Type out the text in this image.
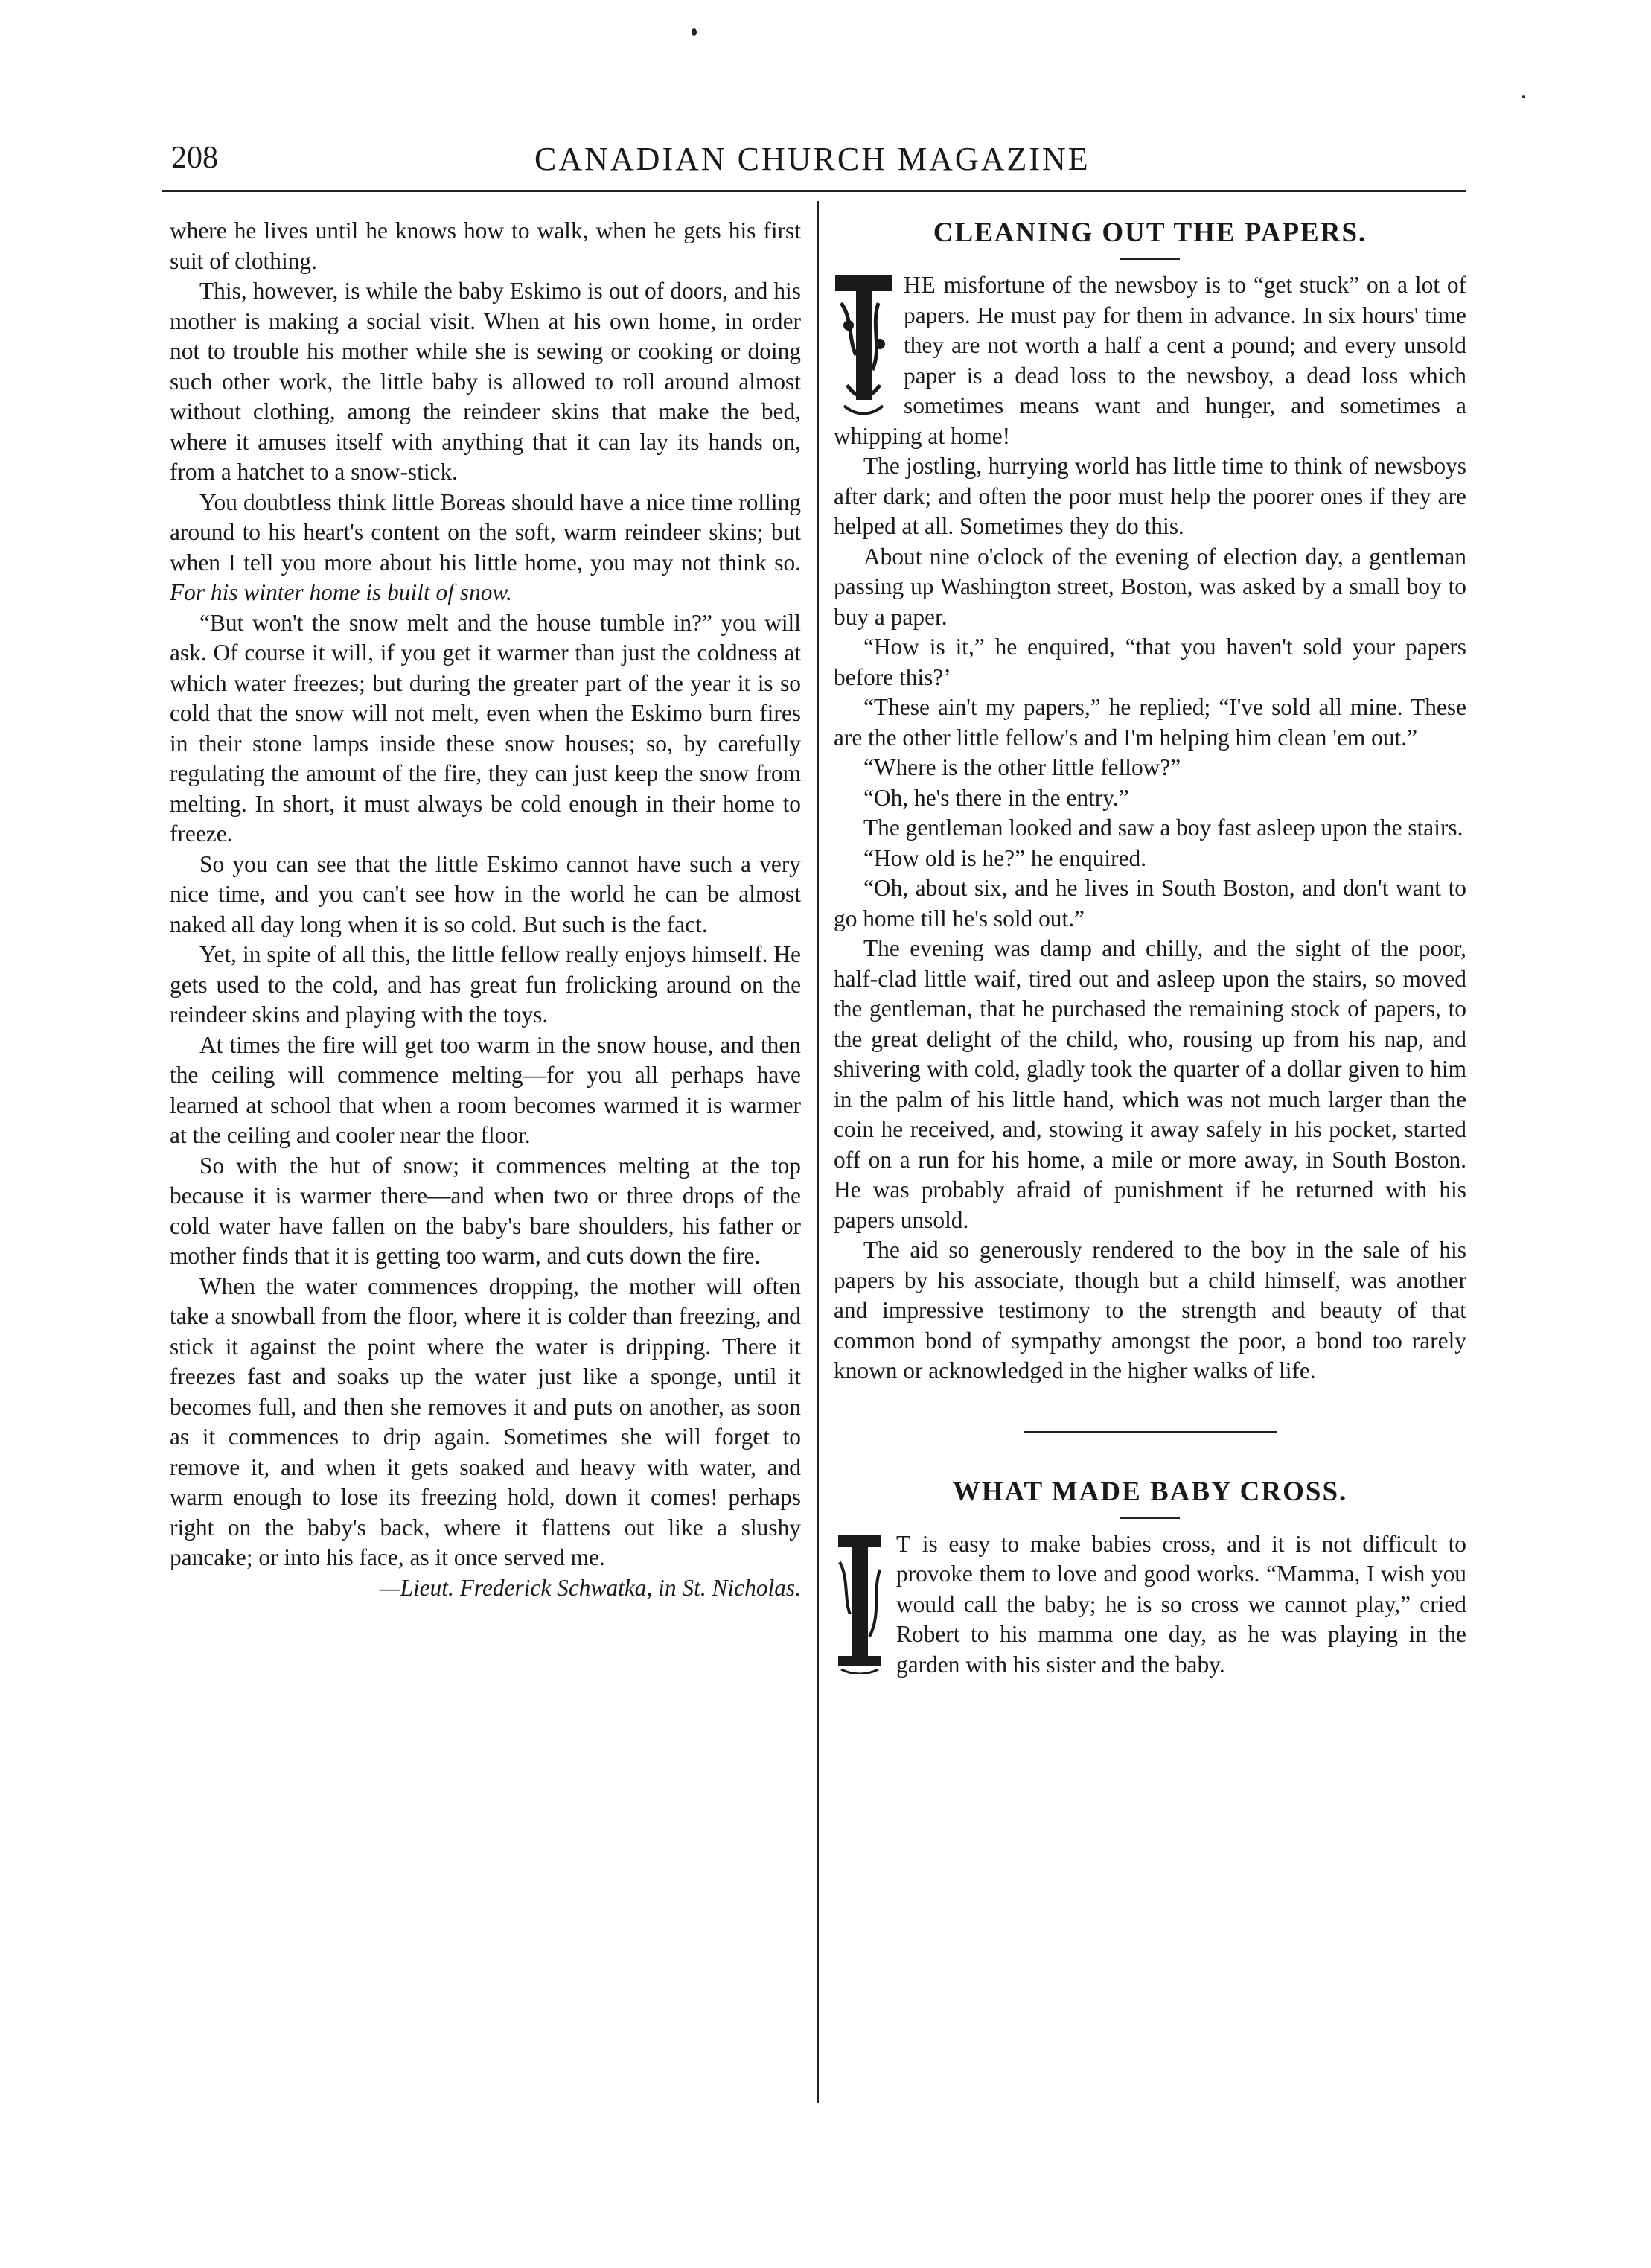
208	CANADIAN CHURCH MAGAZINE

where he lives until he knows how to walk, when he gets his first suit of clothing.

This, however, is while the baby Eskimo is out of doors, and his mother is making a social visit. When at his own home, in order not to trouble his mother while she is sewing or cooking or doing such other work, the little baby is allowed to roll around almost without clothing, among the reindeer skins that make the bed, where it amuses itself with anything that it can lay its hands on, from a hatchet to a snow-stick.

You doubtless think little Boreas should have a nice time rolling around to his heart's content on the soft, warm reindeer skins; but when I tell you more about his little home, you may not think so. For his winter home is built of snow.

“But won't the snow melt and the house tumble in?” you will ask. Of course it will, if you get it warmer than just the coldness at which water freezes; but during the greater part of the year it is so cold that the snow will not melt, even when the Eskimo burn fires in their stone lamps inside these snow houses; so, by carefully regulating the amount of the fire, they can just keep the snow from melting. In short, it must always be cold enough in their home to freeze.

So you can see that the little Eskimo cannot have such a very nice time, and you can't see how in the world he can be almost naked all day long when it is so cold. But such is the fact.

Yet, in spite of all this, the little fellow really enjoys himself. He gets used to the cold, and has great fun frolicking around on the reindeer skins and playing with the toys.

At times the fire will get too warm in the snow house, and then the ceiling will commence melting—for you all perhaps have learned at school that when a room becomes warmed it is warmer at the ceiling and cooler near the floor.

So with the hut of snow; it commences melting at the top because it is warmer there—and when two or three drops of the cold water have fallen on the baby's bare shoulders, his father or mother finds that it is getting too warm, and cuts down the fire.

When the water commences dropping, the mother will often take a snowball from the floor, where it is colder than freezing, and stick it against the point where the water is dripping. There it freezes fast and soaks up the water just like a sponge, until it becomes full, and then she removes it and puts on another, as soon as it commences to drip again. Sometimes she will forget to remove it, and when it gets soaked and heavy with water, and warm enough to lose its freezing hold, down it comes! perhaps right on the baby's back, where it flattens out like a slushy pancake; or into his face, as it once served me.

—Lieut. Frederick Schwatka, in St. Nicholas.

CLEANING OUT THE PAPERS.

HE misfortune of the newsboy is to “get stuck” on a lot of papers. He must pay for them in advance. In six hours' time they are not worth a half a cent a pound; and every unsold paper is a dead loss to the newsboy, a dead loss which sometimes means want and hunger, and sometimes a whipping at home!

The jostling, hurrying world has little time to think of newsboys after dark; and often the poor must help the poorer ones if they are helped at all. Sometimes they do this.

About nine o'clock of the evening of election day, a gentleman passing up Washington street, Boston, was asked by a small boy to buy a paper.

“How is it,” he enquired, “that you haven't sold your papers before this?’

“These ain't my papers,” he replied; “I've sold all mine. These are the other little fellow's and I'm helping him clean 'em out.”

“Where is the other little fellow?”

“Oh, he's there in the entry.”

The gentleman looked and saw a boy fast asleep upon the stairs.

“How old is he?” he enquired.

“Oh, about six, and he lives in South Boston, and don't want to go home till he's sold out.”

The evening was damp and chilly, and the sight of the poor, half-clad little waif, tired out and asleep upon the stairs, so moved the gentleman, that he purchased the remaining stock of papers, to the great delight of the child, who, rousing up from his nap, and shivering with cold, gladly took the quarter of a dollar given to him in the palm of his little hand, which was not much larger than the coin he received, and, stowing it away safely in his pocket, started off on a run for his home, a mile or more away, in South Boston. He was probably afraid of punishment if he returned with his papers unsold.

The aid so generously rendered to the boy in the sale of his papers by his associate, though but a child himself, was another and impressive testimony to the strength and beauty of that common bond of sympathy amongst the poor, a bond too rarely known or acknowledged in the higher walks of life.

WHAT MADE BABY CROSS.

T is easy to make babies cross, and it is not difficult to provoke them to love and good works. “Mamma, I wish you would call the baby; he is so cross we cannot play,” cried Robert to his mamma one day, as he was playing in the garden with his sister and the baby.
